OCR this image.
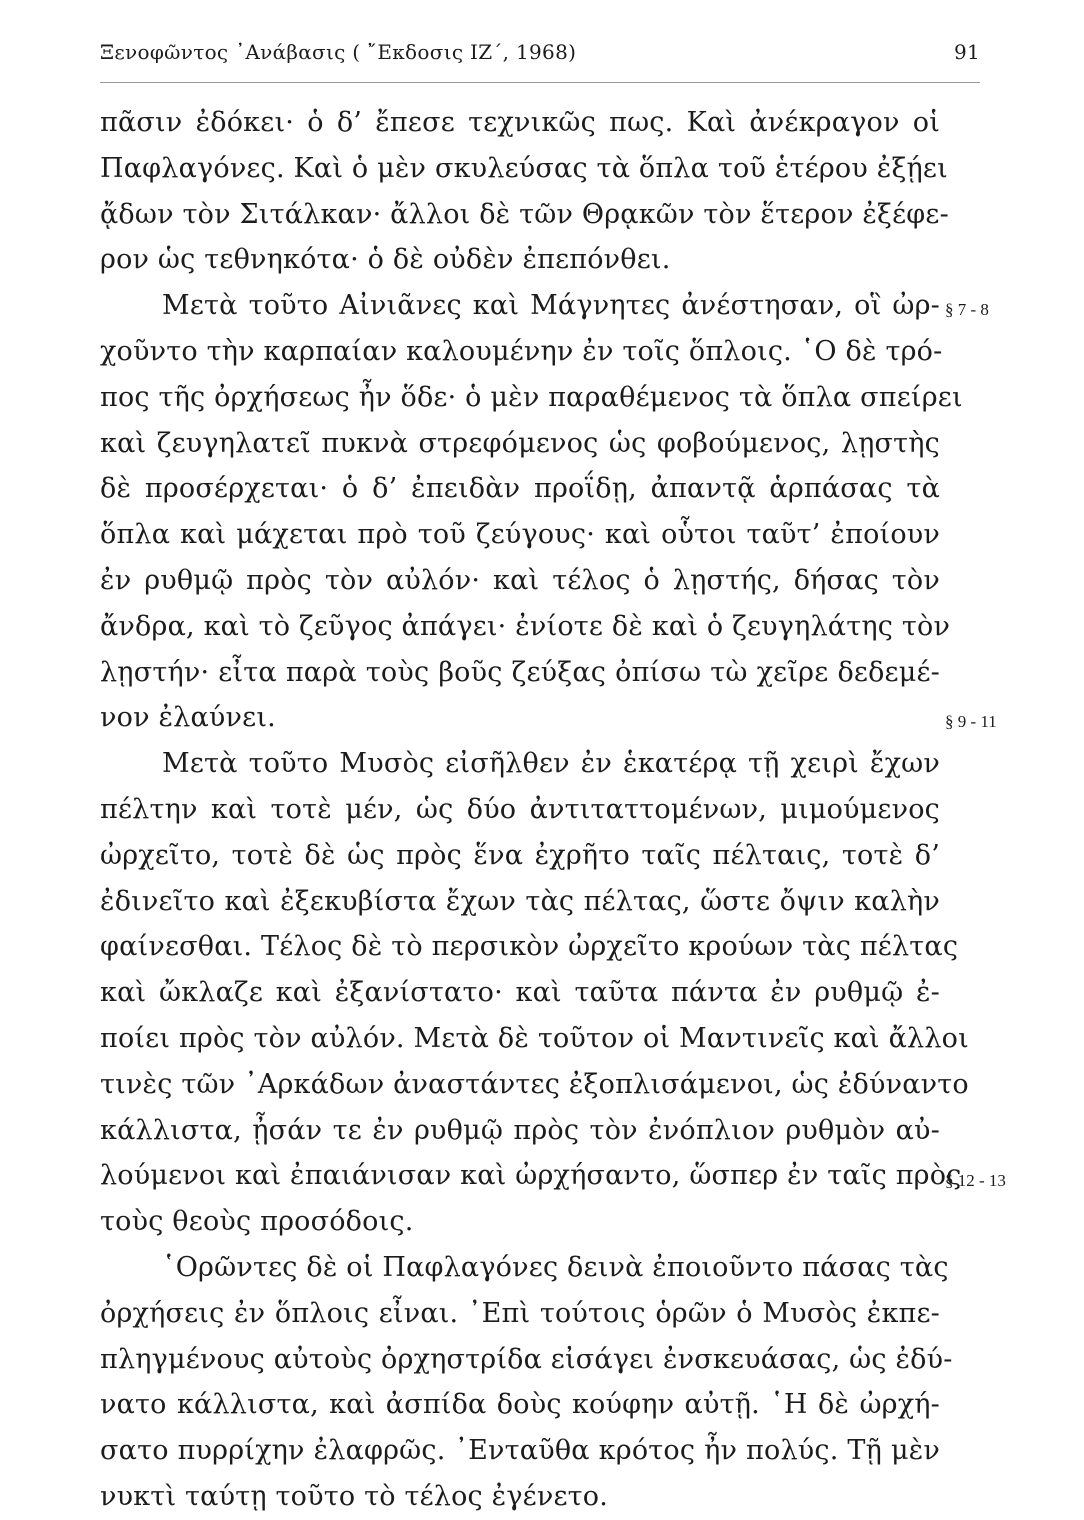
Ξενοφῶντος ᾿Ανάβασις ( ῎Εκδοσις ΙΖ΄, 1968)	91
πᾶσιν ἐδόκει· ὁ δ’ ἔπεσε τεχνικῶς πως. Καὶ ἀνέκραγον οἱ
Παφλαγόνες. Καὶ ὁ μὲν σκυλεύσας τὰ ὅπλα τοῦ ἑτέρου ἐξῄει
ᾄδων τὸν Σιτάλκαν· ἄλλοι δὲ τῶν Θρᾳκῶν τὸν ἕτερον ἐξέφε-
ρον ὡς τεθνηκότα· ὁ δὲ οὐδὲν ἐπεπόνθει.
Μετὰ τοῦτο Αἰνιᾶνες καὶ Μάγνητες ἀνέστησαν, οἳ ὠρ-
χοῦντο τὴν καρπαίαν καλουμένην ἐν τοῖς ὅπλοις. ῾Ο δὲ τρό-
πος τῆς ὀρχήσεως ἦν ὅδε· ὁ μὲν παραθέμενος τὰ ὅπλα σπείρει
καὶ ζευγηλατεῖ πυκνὰ στρεφόμενος ὡς φοβούμενος, λῃστὴς
δὲ προσέρχεται· ὁ δ’ ἐπειδὰν προΐδῃ, ἀπαντᾷ ἁρπάσας τὰ
ὅπλα καὶ μάχεται πρὸ τοῦ ζεύγους· καὶ οὗτοι ταῦτ’ ἐποίουν
ἐν ρυθμῷ πρὸς τὸν αὐλόν· καὶ τέλος ὁ λῃστής, δήσας τὸν
ἄνδρα, καὶ τὸ ζεῦγος ἀπάγει· ἐνίοτε δὲ καὶ ὁ ζευγηλάτης τὸν
λῃστήν· εἶτα παρὰ τοὺς βοῦς ζεύξας ὀπίσω τὼ χεῖρε δεδεμέ-
νον ἐλαύνει.
Μετὰ τοῦτο Μυσὸς εἰσῆλθεν ἐν ἑκατέρᾳ τῇ χειρὶ ἔχων
πέλτην καὶ τοτὲ μέν, ὡς δύο ἀντιταττομένων, μιμούμενος
ὠρχεῖτο, τοτὲ δὲ ὡς πρὸς ἕνα ἐχρῆτο ταῖς πέλταις, τοτὲ δ’
ἐδινεῖτο καὶ ἐξεκυβίστα ἔχων τὰς πέλτας, ὥστε ὄψιν καλὴν
φαίνεσθαι. Τέλος δὲ τὸ περσικὸν ὠρχεῖτο κρούων τὰς πέλτας
καὶ ὤκλαζε καὶ ἐξανίστατο· καὶ ταῦτα πάντα ἐν ρυθμῷ ἐ-
ποίει πρὸς τὸν αὐλόν. Μετὰ δὲ τοῦτον οἱ Μαντινεῖς καὶ ἄλλοι
τινὲς τῶν ᾿Αρκάδων ἀναστάντες ἐξοπλισάμενοι, ὡς ἐδύναντο
κάλλιστα, ᾖσάν τε ἐν ρυθμῷ πρὸς τὸν ἐνόπλιον ρυθμὸν αὐ-
λούμενοι καὶ ἐπαιάνισαν καὶ ὠρχήσαντο, ὥσπερ ἐν ταῖς πρὸς
τοὺς θεοὺς προσόδοις.
῾Ορῶντες δὲ οἱ Παφλαγόνες δεινὰ ἐποιοῦντο πάσας τὰς
ὀρχήσεις ἐν ὅπλοις εἶναι. ᾿Επὶ τούτοις ὁρῶν ὁ Μυσὸς ἐκπε-
πληγμένους αὐτοὺς ὀρχηστρίδα εἰσάγει ἐνσκευάσας, ὡς ἐδύ-
νατο κάλλιστα, καὶ ἀσπίδα δοὺς κούφην αὐτῇ. ῾Η δὲ ὠρχή-
σατο πυρρίχην ἐλαφρῶς. ᾿Ενταῦθα κρότος ἦν πολύς. Τῇ μὲν
νυκτὶ ταύτῃ τοῦτο τὸ τέλος ἐγένετο.
§ 7 - 8
§ 9 - 11
§ 12 - 13
